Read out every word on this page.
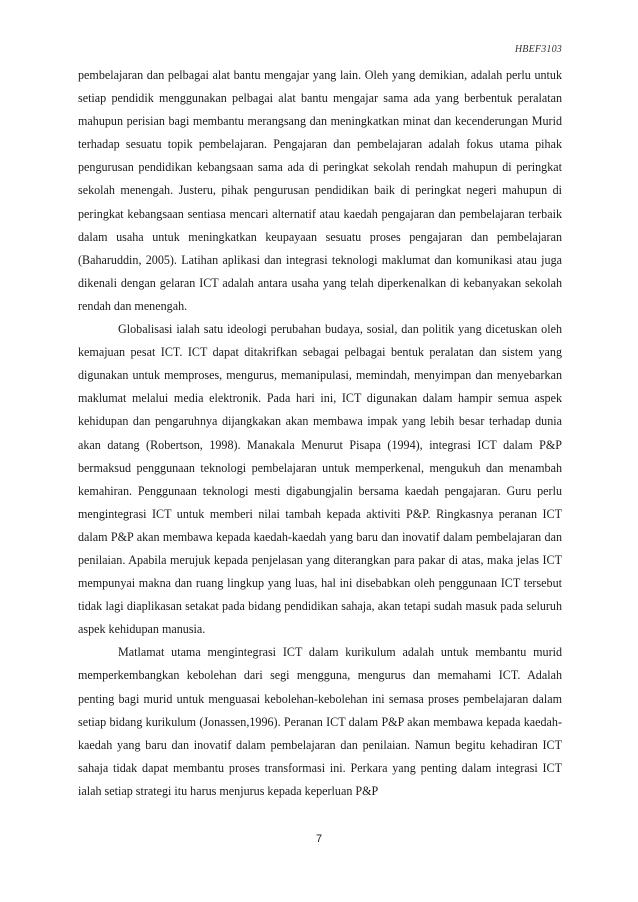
HBEF3103

pembelajaran dan pelbagai alat bantu mengajar yang lain. Oleh yang demikian, adalah perlu untuk setiap pendidik menggunakan pelbagai alat bantu mengajar sama ada yang berbentuk peralatan mahupun perisian bagi membantu merangsang dan meningkatkan minat dan kecenderungan Murid terhadap sesuatu topik pembelajaran. Pengajaran dan pembelajaran adalah fokus utama pihak pengurusan pendidikan kebangsaan sama ada di peringkat sekolah rendah mahupun di peringkat sekolah menengah. Justeru, pihak pengurusan pendidikan baik di peringkat negeri mahupun di peringkat kebangsaan sentiasa mencari alternatif atau kaedah pengajaran dan pembelajaran terbaik dalam usaha untuk meningkatkan keupayaan sesuatu proses pengajaran dan pembelajaran (Baharuddin, 2005). Latihan aplikasi dan integrasi teknologi maklumat dan komunikasi atau juga dikenali dengan gelaran ICT adalah antara usaha yang telah diperkenalkan di kebanyakan sekolah rendah dan menengah.

Globalisasi ialah satu ideologi perubahan budaya, sosial, dan politik yang dicetuskan oleh kemajuan pesat ICT. ICT dapat ditakrifkan sebagai pelbagai bentuk peralatan dan sistem yang digunakan untuk memproses, mengurus, memanipulasi, memindah, menyimpan dan menyebarkan maklumat melalui media elektronik. Pada hari ini, ICT digunakan dalam hampir semua aspek kehidupan dan pengaruhnya dijangkakan akan membawa impak yang lebih besar terhadap dunia akan datang (Robertson, 1998). Manakala Menurut Pisapa (1994), integrasi ICT dalam P&P bermaksud penggunaan teknologi pembelajaran untuk memperkenal, mengukuh dan menambah kemahiran. Penggunaan teknologi mesti digabungjalin bersama kaedah pengajaran. Guru perlu mengintegrasi ICT untuk memberi nilai tambah kepada aktiviti P&P. Ringkasnya peranan ICT dalam P&P akan membawa kepada kaedah-kaedah yang baru dan inovatif dalam pembelajaran dan penilaian. Apabila merujuk kepada penjelasan yang diterangkan para pakar di atas, maka jelas ICT mempunyai makna dan ruang lingkup yang luas, hal ini disebabkan oleh penggunaan ICT tersebut tidak lagi diaplikasan setakat pada bidang pendidikan sahaja, akan tetapi sudah masuk pada seluruh aspek kehidupan manusia.

Matlamat utama mengintegrasi ICT dalam kurikulum adalah untuk membantu murid memperkembangkan kebolehan dari segi mengguna, mengurus dan memahami ICT. Adalah penting bagi murid untuk menguasai kebolehan-kebolehan ini semasa proses pembelajaran dalam setiap bidang kurikulum (Jonassen,1996). Peranan ICT dalam P&P akan membawa kepada kaedah-kaedah yang baru dan inovatif dalam pembelajaran dan penilaian. Namun begitu kehadiran ICT sahaja tidak dapat membantu proses transformasi ini. Perkara yang penting dalam integrasi ICT ialah setiap strategi itu harus menjurus kepada keperluan P&P

7
